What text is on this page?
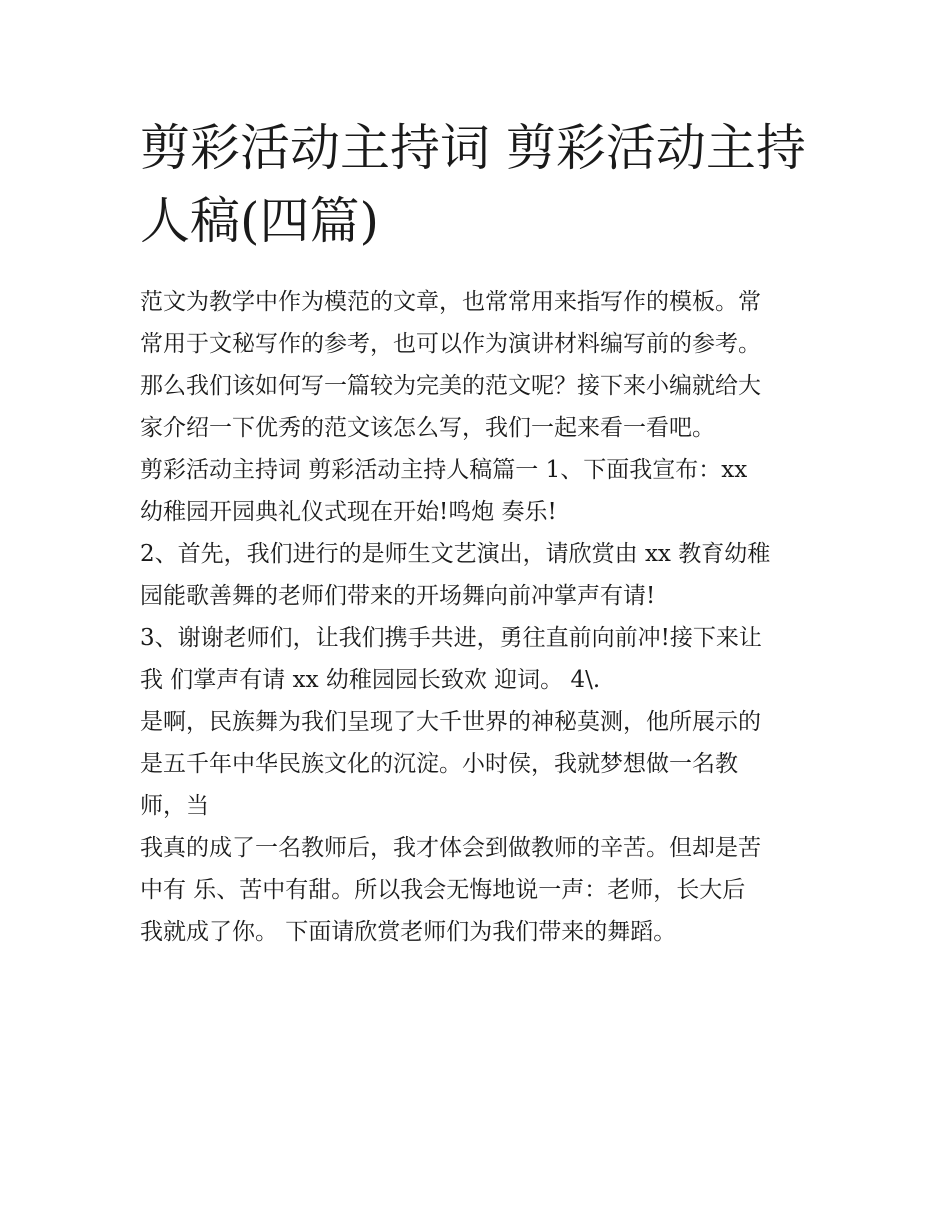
剪彩活动主持词 剪彩活动主持
人稿(四篇)

范文为教学中作为模范的文章，也常常用来指写作的模板。常
常用于文秘写作的参考，也可以作为演讲材料编写前的参考。
那么我们该如何写一篇较为完美的范文呢？接下来小编就给大
家介绍一下优秀的范文该怎么写，我们一起来看一看吧。

剪彩活动主持词 剪彩活动主持人稿篇一 1、下面我宣布：xx
幼稚园开园典礼仪式现在开始!鸣炮 奏乐!

2、首先，我们进行的是师生文艺演出，请欣赏由 xx 教育幼稚
园能歌善舞的老师们带来的开场舞向前冲掌声有请!

3、谢谢老师们，让我们携手共进，勇往直前向前冲!接下来让
我 们掌声有请 xx 幼稚园园长致欢 迎词。 4\.

是啊，民族舞为我们呈现了大千世界的神秘莫测，他所展示的
是五千年中华民族文化的沉淀。小时侯，我就梦想做一名教
师，当

我真的成了一名教师后，我才体会到做教师的辛苦。但却是苦
中有 乐、苦中有甜。所以我会无悔地说一声：老师，长大后
我就成了你。 下面请欣赏老师们为我们带来的舞蹈。
